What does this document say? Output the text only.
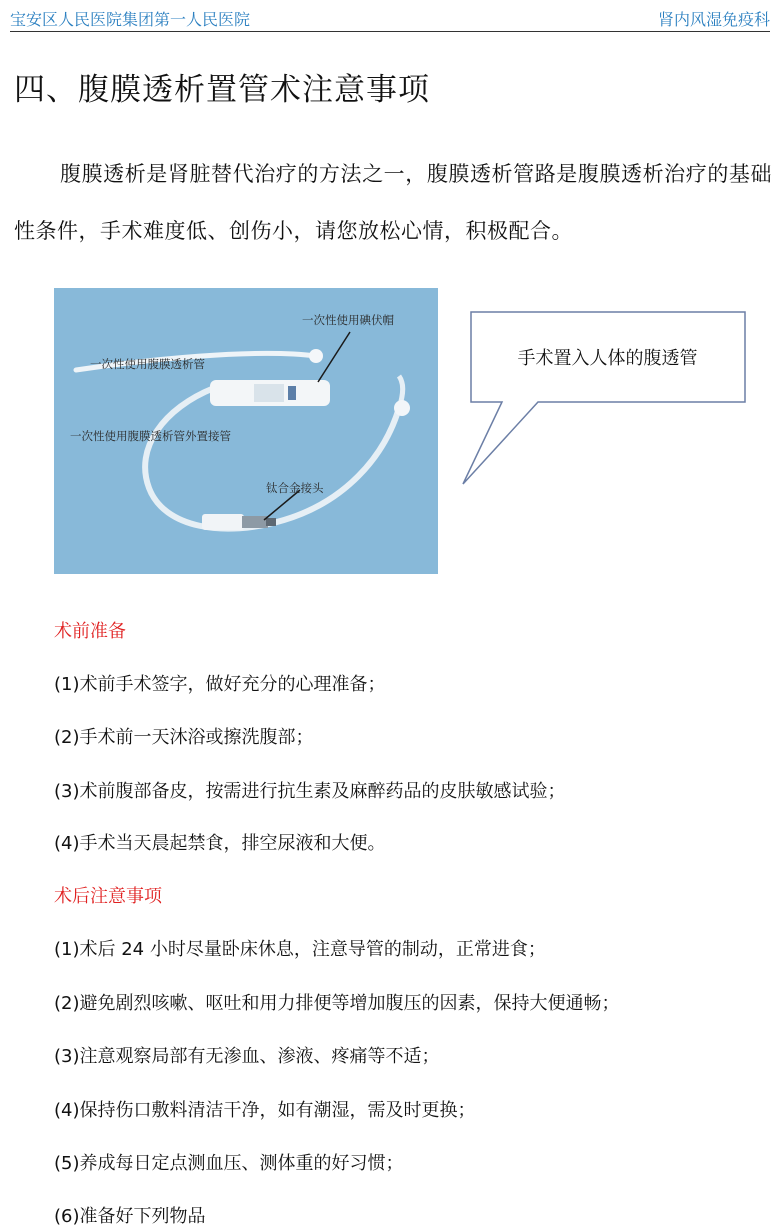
宝安区人民医院集团第一人民医院	肾内风湿免疫科
四、腹膜透析置管术注意事项

腹膜透析是肾脏替代治疗的方法之一，腹膜透析管路是腹膜透析治疗的基础性条件，手术难度低、创伤小，请您放松心情，积极配合。

一次性使用碘伏帽
一次性使用腹膜透析管
一次性使用腹膜透析管外置接管
钛合金接头
手术置入人体的腹透管
术前准备
(1)术前手术签字，做好充分的心理准备；
(2)手术前一天沐浴或擦洗腹部；
(3)术前腹部备皮，按需进行抗生素及麻醉药品的皮肤敏感试验；
(4)手术当天晨起禁食，排空尿液和大便。
术后注意事项
(1)术后 24 小时尽量卧床休息，注意导管的制动，正常进食；
(2)避免剧烈咳嗽、呕吐和用力排便等增加腹压的因素，保持大便通畅；
(3)注意观察局部有无渗血、渗液、疼痛等不适；
(4)保持伤口敷料清洁干净，如有潮湿，需及时更换；
(5)养成每日定点测血压、测体重的好习惯；
(6)准备好下列物品
